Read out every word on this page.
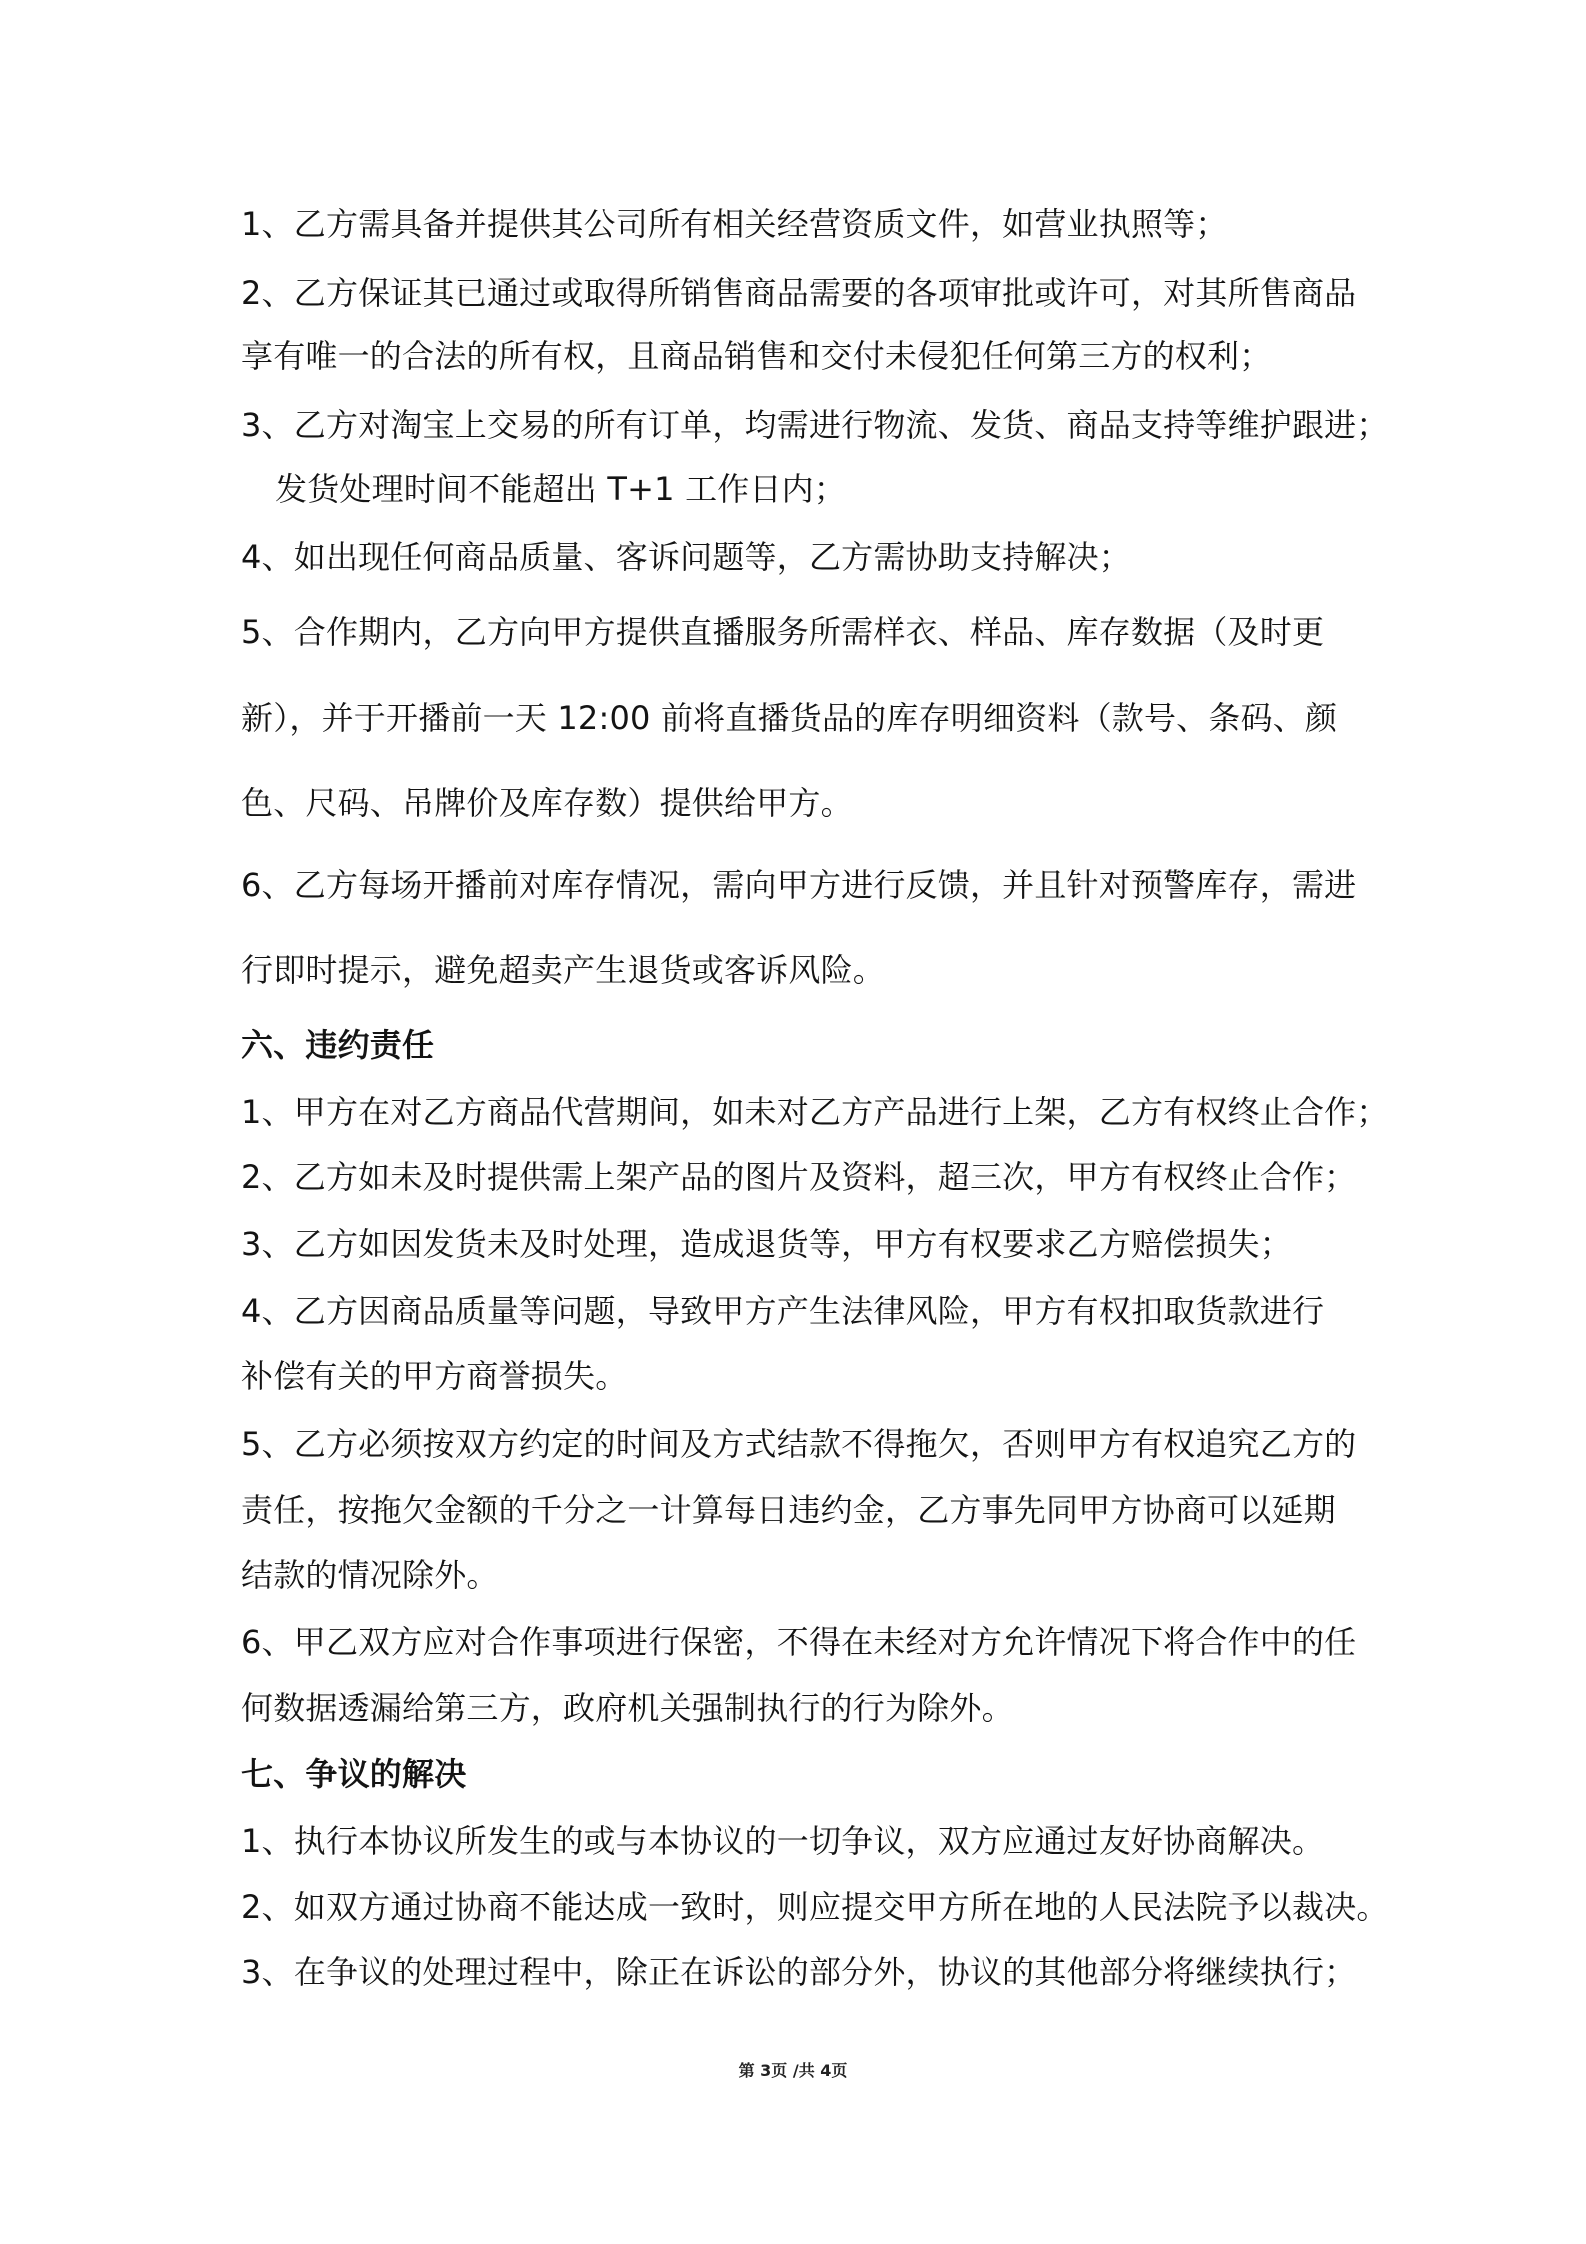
1、乙方需具备并提供其公司所有相关经营资质文件，如营业执照等；
2、乙方保证其已通过或取得所销售商品需要的各项审批或许可，对其所售商品
享有唯一的合法的所有权，且商品销售和交付未侵犯任何第三方的权利；
3、乙方对淘宝上交易的所有订单，均需进行物流、发货、商品支持等维护跟进；
发货处理时间不能超出 T+1 工作日内；
4、如出现任何商品质量、客诉问题等，乙方需协助支持解决；
5、合作期内，乙方向甲方提供直播服务所需样衣、样品、库存数据（及时更
新），并于开播前一天 12:00 前将直播货品的库存明细资料（款号、条码、颜
色、尺码、吊牌价及库存数）提供给甲方。
6、乙方每场开播前对库存情况，需向甲方进行反馈，并且针对预警库存，需进
行即时提示，避免超卖产生退货或客诉风险。
六、违约责任
1、甲方在对乙方商品代营期间，如未对乙方产品进行上架，乙方有权终止合作；
2、乙方如未及时提供需上架产品的图片及资料，超三次，甲方有权终止合作；
3、乙方如因发货未及时处理，造成退货等，甲方有权要求乙方赔偿损失；
4、乙方因商品质量等问题，导致甲方产生法律风险，甲方有权扣取货款进行
补偿有关的甲方商誉损失。
5、乙方必须按双方约定的时间及方式结款不得拖欠，否则甲方有权追究乙方的
责任，按拖欠金额的千分之一计算每日违约金，乙方事先同甲方协商可以延期
结款的情况除外。
6、甲乙双方应对合作事项进行保密，不得在未经对方允许情况下将合作中的任
何数据透漏给第三方，政府机关强制执行的行为除外。
七、争议的解决
1、执行本协议所发生的或与本协议的一切争议，双方应通过友好协商解决。
2、如双方通过协商不能达成一致时，则应提交甲方所在地的人民法院予以裁决。
3、在争议的处理过程中，除正在诉讼的部分外，协议的其他部分将继续执行；
第 3页 /共 4页
